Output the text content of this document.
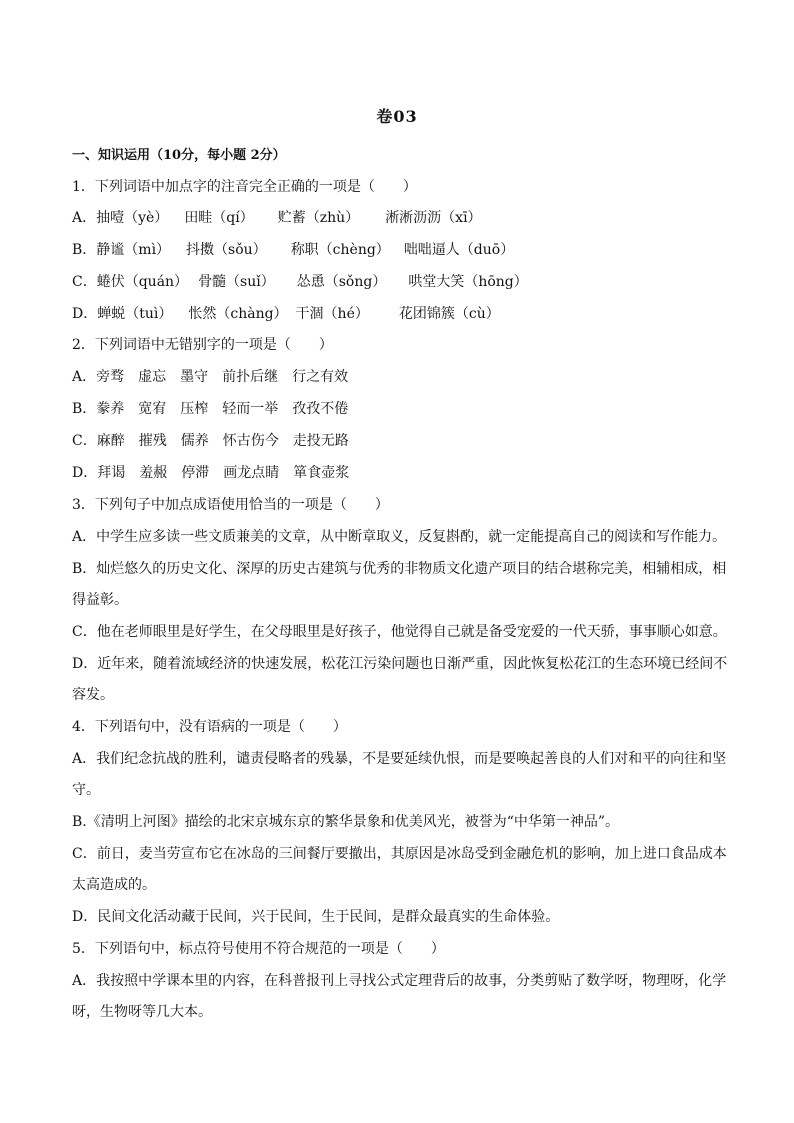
卷03
一、知识运用（10分，每小题 2分）
1．下列词语中加点字的注音完全正确的一项是（　　）
A．抽噎（yè） 田畦（qí） 贮蓄（zhù） 淅淅沥沥（xī）
B．静谧（mì） 抖擞（sǒu） 称职（chèng） 咄咄逼人（duō）
C．蜷伏（quán） 骨髓（suǐ） 怂恿（sǒng） 哄堂大笑（hōng）
D．蝉蜕（tuì） 怅然（chàng） 干涸（hé） 花团锦簇（cù）
2．下列词语中无错别字的一项是（　　）
A．旁骛 虚忘 墨守 前扑后继 行之有效
B．豢养 宽宥 压榨 轻而一举 孜孜不倦
C．麻醉 摧残 儒养 怀古伤今 走投无路
D．拜谒 羞赧 停滞 画龙点睛 箪食壶浆
3．下列句子中加点成语使用恰当的一项是（　　）
A．中学生应多读一些文质兼美的文章，从中断章取义，反复斟酌，就一定能提高自己的阅读和写作能力。
B．灿烂悠久的历史文化、深厚的历史古建筑与优秀的非物质文化遗产项目的结合堪称完美，相辅相成，相
得益彰。
C．他在老师眼里是好学生，在父母眼里是好孩子，他觉得自己就是备受宠爱的一代天骄，事事顺心如意。
D．近年来，随着流域经济的快速发展，松花江污染问题也日渐严重，因此恢复松花江的生态环境已经间不
容发。
4．下列语句中，没有语病的一项是（　　）
A．我们纪念抗战的胜利，谴责侵略者的残暴，不是要延续仇恨，而是要唤起善良的人们对和平的向往和坚
守。
B.《清明上河图》描绘的北宋京城东京的繁华景象和优美风光，被誉为“中华第一神品”。
C．前日，麦当劳宣布它在冰岛的三间餐厅要撤出，其原因是冰岛受到金融危机的影响，加上进口食品成本
太高造成的。
D．民间文化活动藏于民间，兴于民间，生于民间，是群众最真实的生命体验。
5．下列语句中，标点符号使用不符合规范的一项是（　　）
A．我按照中学课本里的内容，在科普报刊上寻找公式定理背后的故事，分类剪贴了数学呀，物理呀，化学
呀，生物呀等几大本。
